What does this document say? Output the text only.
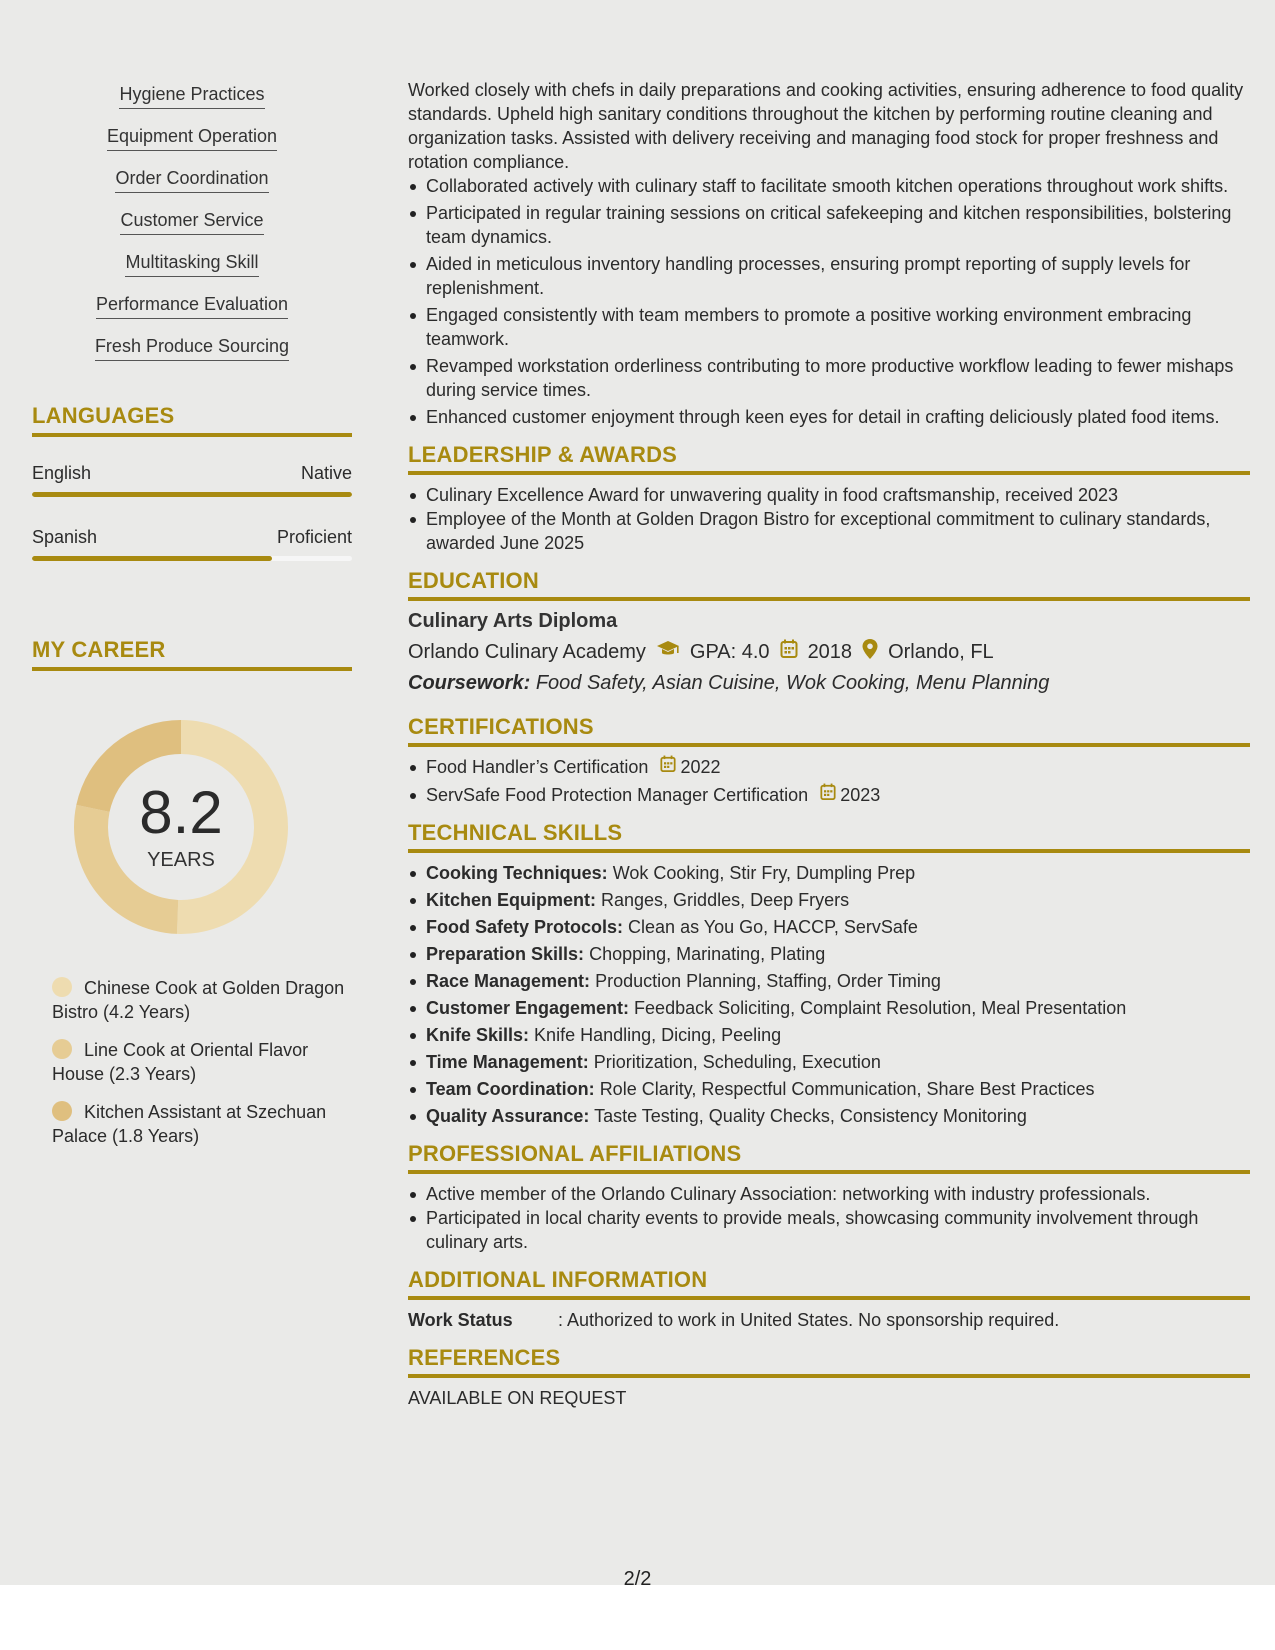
Hygiene Practices
Equipment Operation
Order Coordination
Customer Service
Multitasking Skill
Performance Evaluation
Fresh Produce Sourcing
LANGUAGES
English	Native
Spanish	Proficient
MY CAREER
8.2
YEARS
Chinese Cook at Golden Dragon Bistro (4.2 Years)
Line Cook at Oriental Flavor House (2.3 Years)
Kitchen Assistant at Szechuan Palace (1.8 Years)

Worked closely with chefs in daily preparations and cooking activities, ensuring adherence to food quality standards. Upheld high sanitary conditions throughout the kitchen by performing routine cleaning and organization tasks. Assisted with delivery receiving and managing food stock for proper freshness and rotation compliance.

Collaborated actively with culinary staff to facilitate smooth kitchen operations throughout work shifts.
Participated in regular training sessions on critical safekeeping and kitchen responsibilities, bolstering team dynamics.
Aided in meticulous inventory handling processes, ensuring prompt reporting of supply levels for replenishment.
Engaged consistently with team members to promote a positive working environment embracing teamwork.
Revamped workstation orderliness contributing to more productive workflow leading to fewer mishaps during service times.
Enhanced customer enjoyment through keen eyes for detail in crafting deliciously plated food items.
LEADERSHIP & AWARDS
Culinary Excellence Award for unwavering quality in food craftsmanship, received 2023
Employee of the Month at Golden Dragon Bistro for exceptional commitment to culinary standards, awarded June 2025
EDUCATION
Culinary Arts Diploma
Orlando Culinary Academy GPA: 4.0 2018 Orlando, FL
Coursework: Food Safety, Asian Cuisine, Wok Cooking, Menu Planning
CERTIFICATIONS
Food Handler’s Certification 2022
ServSafe Food Protection Manager Certification 2023
TECHNICAL SKILLS
Cooking Techniques: Wok Cooking, Stir Fry, Dumpling Prep
Kitchen Equipment: Ranges, Griddles, Deep Fryers
Food Safety Protocols: Clean as You Go, HACCP, ServSafe
Preparation Skills: Chopping, Marinating, Plating
Race Management: Production Planning, Staffing, Order Timing
Customer Engagement: Feedback Soliciting, Complaint Resolution, Meal Presentation
Knife Skills: Knife Handling, Dicing, Peeling
Time Management: Prioritization, Scheduling, Execution
Team Coordination: Role Clarity, Respectful Communication, Share Best Practices
Quality Assurance: Taste Testing, Quality Checks, Consistency Monitoring
PROFESSIONAL AFFILIATIONS
Active member of the Orlando Culinary Association: networking with industry professionals.
Participated in local charity events to provide meals, showcasing community involvement through culinary arts.
ADDITIONAL INFORMATION
Work Status	: Authorized to work in United States. No sponsorship required.
REFERENCES
AVAILABLE ON REQUEST
2/2
